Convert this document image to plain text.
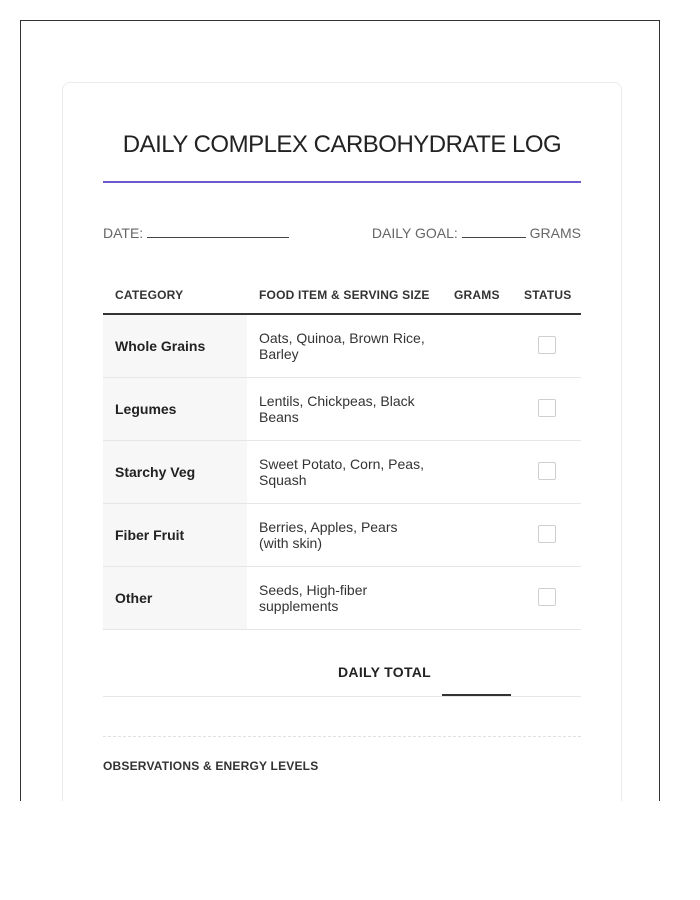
DAILY COMPLEX CARBOHYDRATE LOG
DATE:	DAILY GOAL:	GRAMS
CATEGORY	FOOD ITEM & SERVING SIZE	GRAMS	STATUS
Whole Grains	Oats, Quinoa, Brown Rice, Barley		
Legumes	Lentils, Chickpeas, Black Beans		
Starchy Veg	Sweet Potato, Corn, Peas, Squash		
Fiber Fruit	Berries, Apples, Pears (with skin)		
Other	Seeds, High-fiber supplements		
DAILY TOTAL
OBSERVATIONS & ENERGY LEVELS
